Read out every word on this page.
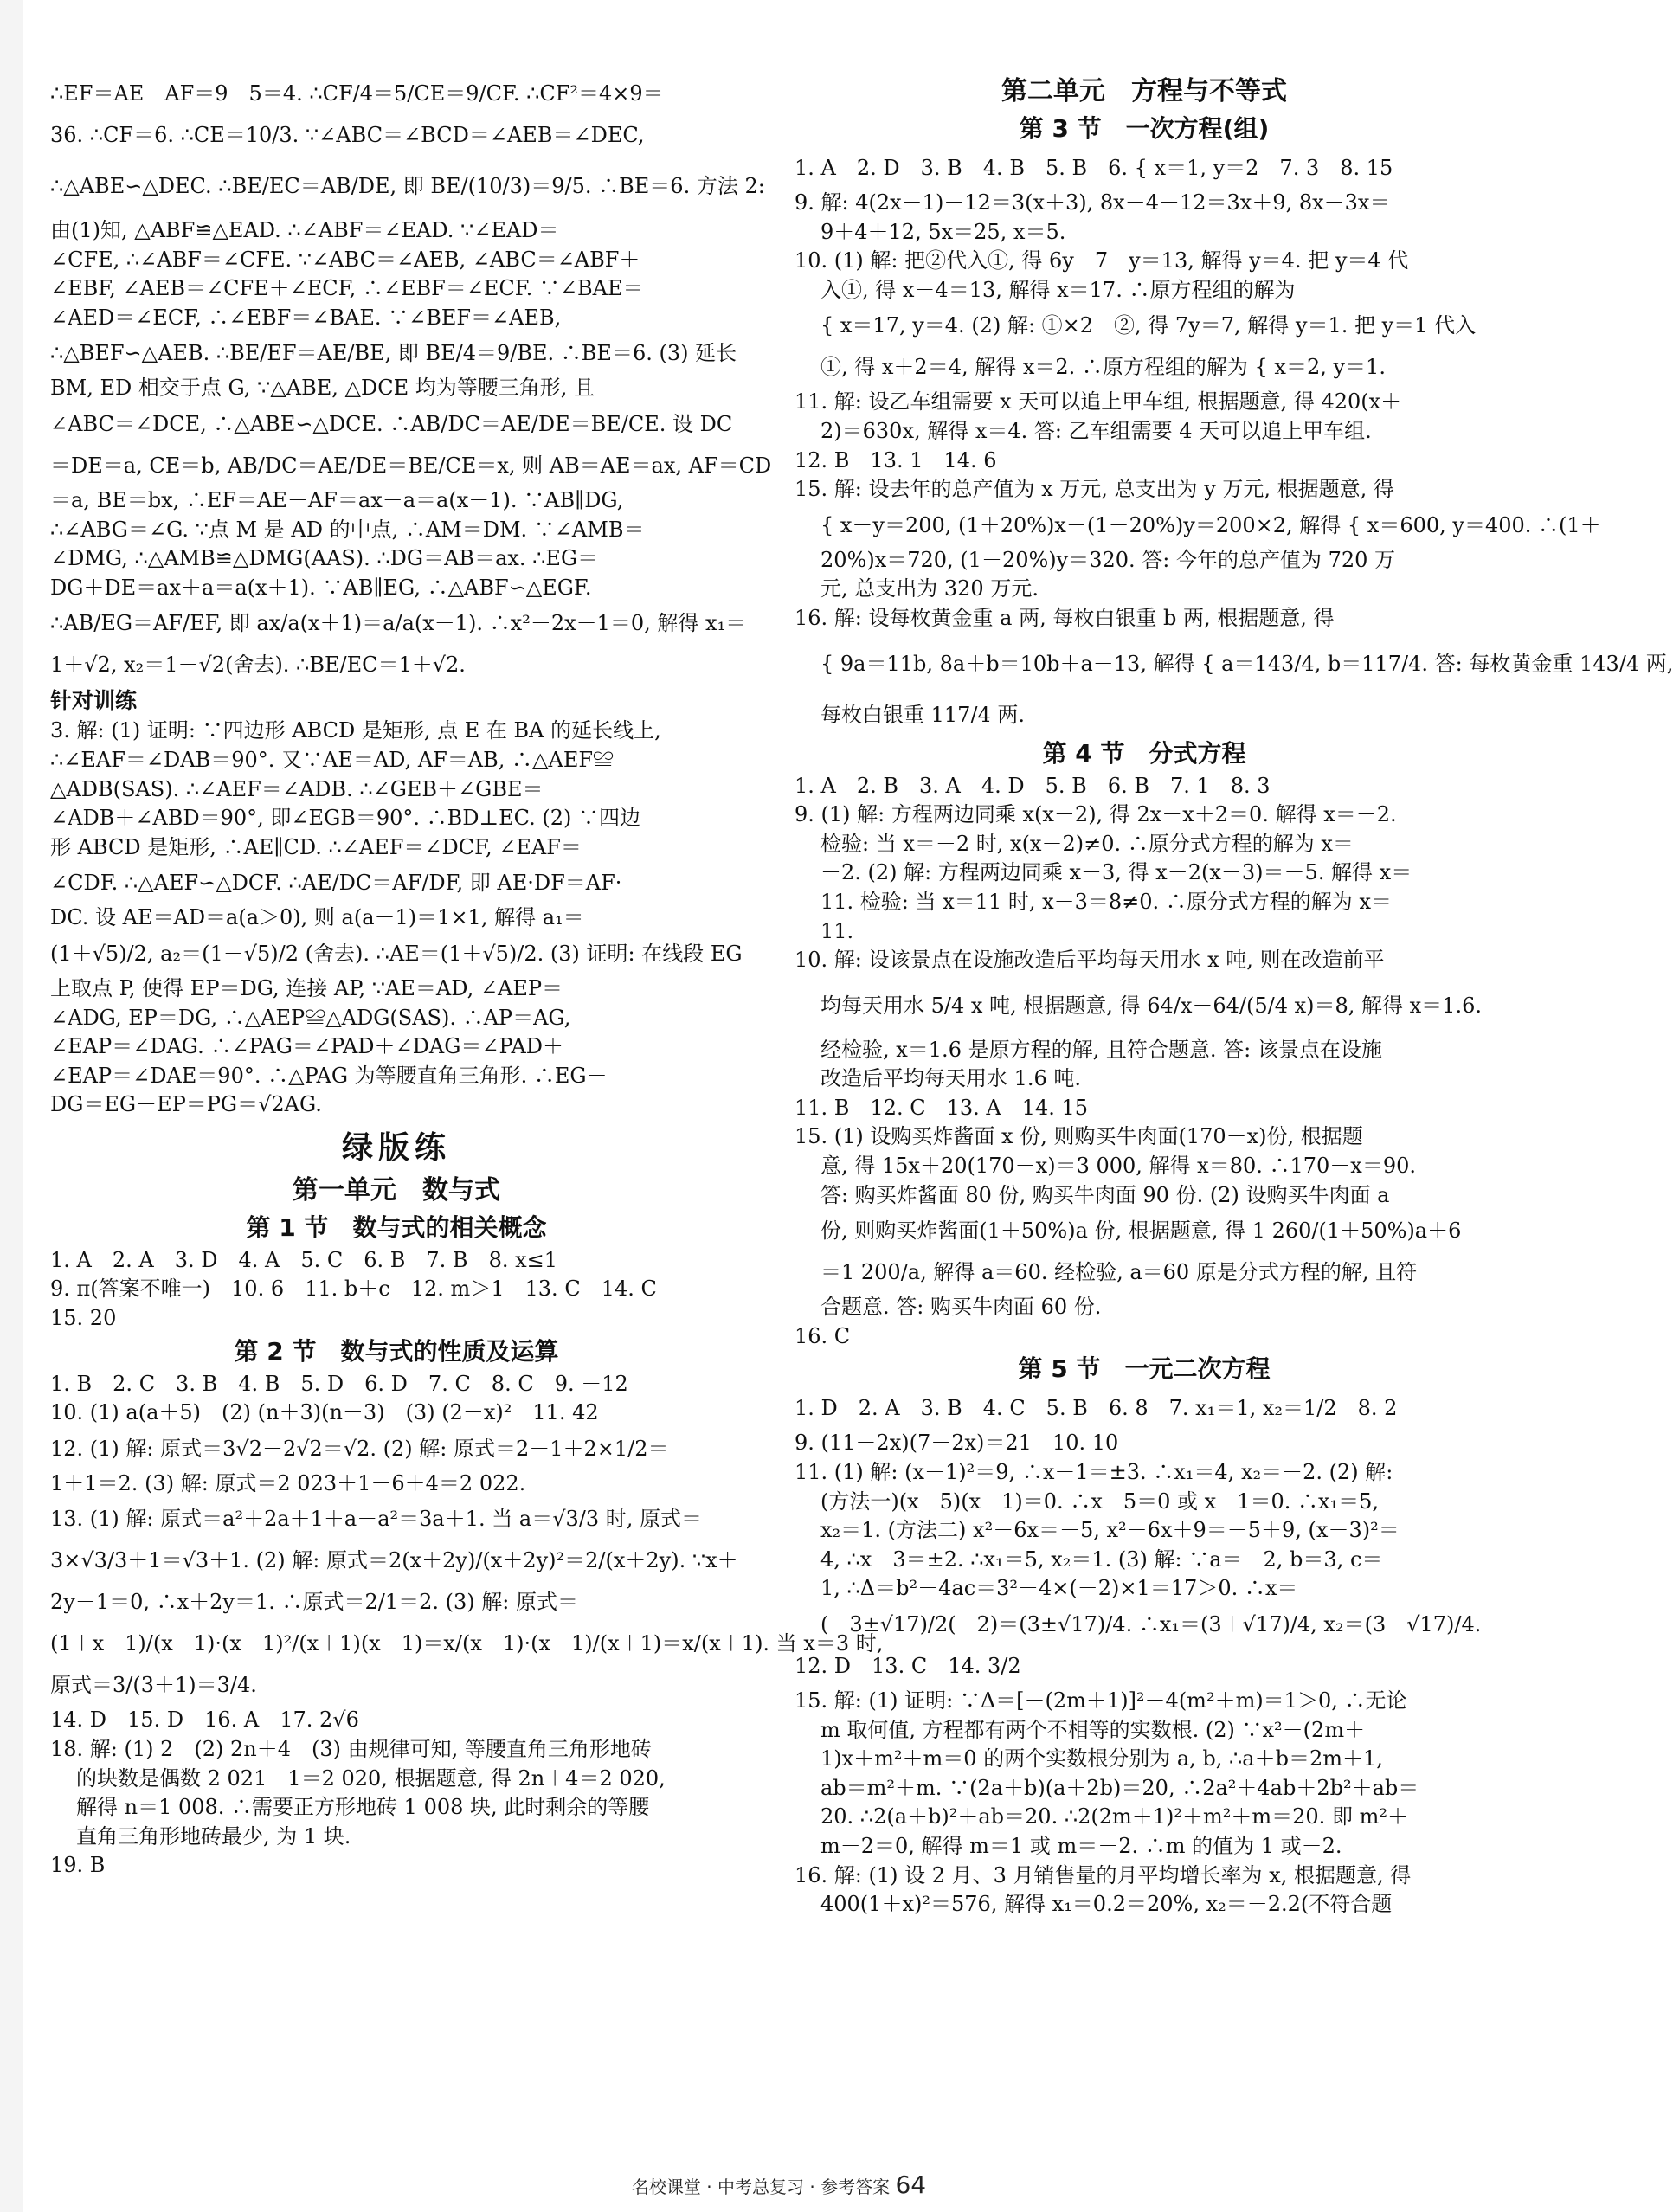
∴EF＝AE－AF＝9－5＝4. ∴CF/4＝5/CE＝9/CF. ∴CF²＝4×9＝
36. ∴CF＝6. ∴CE＝10/3. ∵∠ABC＝∠BCD＝∠AEB＝∠DEC,
∴△ABE∽△DEC. ∴BE/EC＝AB/DE, 即 BE/(10/3)＝9/5. ∴BE＝6. 方法 2:
由(1)知, △ABF≌△EAD. ∴∠ABF＝∠EAD. ∵∠EAD＝
∠CFE, ∴∠ABF＝∠CFE. ∵∠ABC＝∠AEB, ∠ABC＝∠ABF＋
∠EBF, ∠AEB＝∠CFE＋∠ECF, ∴∠EBF＝∠ECF. ∵∠BAE＝
∠AED＝∠ECF, ∴∠EBF＝∠BAE. ∵∠BEF＝∠AEB,
∴△BEF∽△AEB. ∴BE/EF＝AE/BE, 即 BE/4＝9/BE. ∴BE＝6. (3) 延长
BM, ED 相交于点 G, ∵△ABE, △DCE 均为等腰三角形, 且
∠ABC＝∠DCE, ∴△ABE∽△DCE. ∴AB/DC＝AE/DE＝BE/CE. 设 DC
＝DE＝a, CE＝b, AB/DC＝AE/DE＝BE/CE＝x, 则 AB＝AE＝ax, AF＝CD
＝a, BE＝bx, ∴EF＝AE－AF＝ax－a＝a(x－1). ∵AB∥DG,
∴∠ABG＝∠G. ∵点 M 是 AD 的中点, ∴AM＝DM. ∵∠AMB＝
∠DMG, ∴△AMB≌△DMG(AAS). ∴DG＝AB＝ax. ∴EG＝
DG＋DE＝ax＋a＝a(x＋1). ∵AB∥EG, ∴△ABF∽△EGF.
∴AB/EG＝AF/EF, 即 ax/a(x＋1)＝a/a(x－1). ∴x²－2x－1＝0, 解得 x₁＝
1＋√2, x₂＝1－√2(舍去). ∴BE/EC＝1＋√2.
针对训练
3. 解: (1) 证明: ∵四边形 ABCD 是矩形, 点 E 在 BA 的延长线上,
∴∠EAF＝∠DAB＝90°. 又∵AE＝AD, AF＝AB, ∴△AEF≌
△ADB(SAS). ∴∠AEF＝∠ADB. ∴∠GEB＋∠GBE＝
∠ADB＋∠ABD＝90°, 即∠EGB＝90°. ∴BD⊥EC. (2) ∵四边
形 ABCD 是矩形, ∴AE∥CD. ∴∠AEF＝∠DCF, ∠EAF＝
∠CDF. ∴△AEF∽△DCF. ∴AE/DC＝AF/DF, 即 AE·DF＝AF·
DC. 设 AE＝AD＝a(a＞0), 则 a(a－1)＝1×1, 解得 a₁＝
(1＋√5)/2, a₂＝(1－√5)/2 (舍去). ∴AE＝(1＋√5)/2. (3) 证明: 在线段 EG
上取点 P, 使得 EP＝DG, 连接 AP, ∵AE＝AD, ∠AEP＝
∠ADG, EP＝DG, ∴△AEP≌△ADG(SAS). ∴AP＝AG,
∠EAP＝∠DAG. ∴∠PAG＝∠PAD＋∠DAG＝∠PAD＋
∠EAP＝∠DAE＝90°. ∴△PAG 为等腰直角三角形. ∴EG－
DG＝EG－EP＝PG＝√2AG.
绿版练
第一单元　数与式
第 1 节　数与式的相关概念
1. A　2. A　3. D　4. A　5. C　6. B　7. B　8. x≤1
9. π(答案不唯一)　10. 6　11. b＋c　12. m＞1　13. C　14. C
15. 20
第 2 节　数与式的性质及运算
1. B　2. C　3. B　4. B　5. D　6. D　7. C　8. C　9. －12
10. (1) a(a＋5)　(2) (n＋3)(n－3)　(3) (2－x)²　11. 42
12. (1) 解: 原式＝3√2－2√2＝√2. (2) 解: 原式＝2－1＋2×1/2＝
1＋1＝2. (3) 解: 原式＝2 023＋1－6＋4＝2 022.
13. (1) 解: 原式＝a²＋2a＋1＋a－a²＝3a＋1. 当 a＝√3/3 时, 原式＝
3×√3/3＋1＝√3＋1. (2) 解: 原式＝2(x＋2y)/(x＋2y)²＝2/(x＋2y). ∵x＋
2y－1＝0, ∴x＋2y＝1. ∴原式＝2/1＝2. (3) 解: 原式＝
(1＋x－1)/(x－1)·(x－1)²/(x＋1)(x－1)＝x/(x－1)·(x－1)/(x＋1)＝x/(x＋1). 当 x＝3 时,
原式＝3/(3＋1)＝3/4.
14. D　15. D　16. A　17. 2√6
18. 解: (1) 2　(2) 2n＋4　(3) 由规律可知, 等腰直角三角形地砖
的块数是偶数 2 021－1＝2 020, 根据题意, 得 2n＋4＝2 020,
解得 n＝1 008. ∴需要正方形地砖 1 008 块, 此时剩余的等腰
直角三角形地砖最少, 为 1 块.
19. B
第二单元　方程与不等式
第 3 节　一次方程(组)
1. A　2. D　3. B　4. B　5. B　6. { x＝1, y＝2　7. 3　8. 15
9. 解: 4(2x－1)－12＝3(x＋3), 8x－4－12＝3x＋9, 8x－3x＝
9＋4＋12, 5x＝25, x＝5.
10. (1) 解: 把②代入①, 得 6y－7－y＝13, 解得 y＝4. 把 y＝4 代
入①, 得 x－4＝13, 解得 x＝17. ∴原方程组的解为
{ x＝17, y＝4. (2) 解: ①×2－②, 得 7y＝7, 解得 y＝1. 把 y＝1 代入
①, 得 x＋2＝4, 解得 x＝2. ∴原方程组的解为 { x＝2, y＝1.
11. 解: 设乙车组需要 x 天可以追上甲车组, 根据题意, 得 420(x＋
2)＝630x, 解得 x＝4. 答: 乙车组需要 4 天可以追上甲车组.
12. B　13. 1　14. 6
15. 解: 设去年的总产值为 x 万元, 总支出为 y 万元, 根据题意, 得
{ x－y＝200, (1＋20%)x－(1－20%)y＝200×2, 解得 { x＝600, y＝400. ∴(1＋
20%)x＝720, (1－20%)y＝320. 答: 今年的总产值为 720 万
元, 总支出为 320 万元.
16. 解: 设每枚黄金重 a 两, 每枚白银重 b 两, 根据题意, 得
{ 9a＝11b, 8a＋b＝10b＋a－13, 解得 { a＝143/4, b＝117/4. 答: 每枚黄金重 143/4 两,
每枚白银重 117/4 两.
第 4 节　分式方程
1. A　2. B　3. A　4. D　5. B　6. B　7. 1　8. 3
9. (1) 解: 方程两边同乘 x(x－2), 得 2x－x＋2＝0. 解得 x＝－2.
检验: 当 x＝－2 时, x(x－2)≠0. ∴原分式方程的解为 x＝
－2. (2) 解: 方程两边同乘 x－3, 得 x－2(x－3)＝－5. 解得 x＝
11. 检验: 当 x＝11 时, x－3＝8≠0. ∴原分式方程的解为 x＝
11.
10. 解: 设该景点在设施改造后平均每天用水 x 吨, 则在改造前平
均每天用水 5/4 x 吨, 根据题意, 得 64/x－64/(5/4 x)＝8, 解得 x＝1.6.
经检验, x＝1.6 是原方程的解, 且符合题意. 答: 该景点在设施
改造后平均每天用水 1.6 吨.
11. B　12. C　13. A　14. 15
15. (1) 设购买炸酱面 x 份, 则购买牛肉面(170－x)份, 根据题
意, 得 15x＋20(170－x)＝3 000, 解得 x＝80. ∴170－x＝90.
答: 购买炸酱面 80 份, 购买牛肉面 90 份. (2) 设购买牛肉面 a
份, 则购买炸酱面(1＋50%)a 份, 根据题意, 得 1 260/(1＋50%)a＋6
＝1 200/a, 解得 a＝60. 经检验, a＝60 原是分式方程的解, 且符
合题意. 答: 购买牛肉面 60 份.
16. C
第 5 节　一元二次方程
1. D　2. A　3. B　4. C　5. B　6. 8　7. x₁＝1, x₂＝1/2　8. 2
9. (11－2x)(7－2x)＝21　10. 10
11. (1) 解: (x－1)²＝9, ∴x－1＝±3. ∴x₁＝4, x₂＝－2. (2) 解:
(方法一)(x－5)(x－1)＝0. ∴x－5＝0 或 x－1＝0. ∴x₁＝5,
x₂＝1. (方法二) x²－6x＝－5, x²－6x＋9＝－5＋9, (x－3)²＝
4, ∴x－3＝±2. ∴x₁＝5, x₂＝1. (3) 解: ∵a＝－2, b＝3, c＝
1, ∴Δ＝b²－4ac＝3²－4×(－2)×1＝17＞0. ∴x＝
(－3±√17)/2(－2)＝(3±√17)/4. ∴x₁＝(3＋√17)/4, x₂＝(3－√17)/4.
12. D　13. C　14. 3/2
15. 解: (1) 证明: ∵Δ＝[－(2m＋1)]²－4(m²＋m)＝1＞0, ∴无论
m 取何值, 方程都有两个不相等的实数根. (2) ∵x²－(2m＋
1)x＋m²＋m＝0 的两个实数根分别为 a, b, ∴a＋b＝2m＋1,
ab＝m²＋m. ∵(2a＋b)(a＋2b)＝20, ∴2a²＋4ab＋2b²＋ab＝
20. ∴2(a＋b)²＋ab＝20. ∴2(2m＋1)²＋m²＋m＝20. 即 m²＋
m－2＝0, 解得 m＝1 或 m＝－2. ∴m 的值为 1 或－2.
16. 解: (1) 设 2 月、3 月销售量的月平均增长率为 x, 根据题意, 得
400(1＋x)²＝576, 解得 x₁＝0.2＝20%, x₂＝－2.2(不符合题
名校课堂 · 中考总复习 · 参考答案 64
